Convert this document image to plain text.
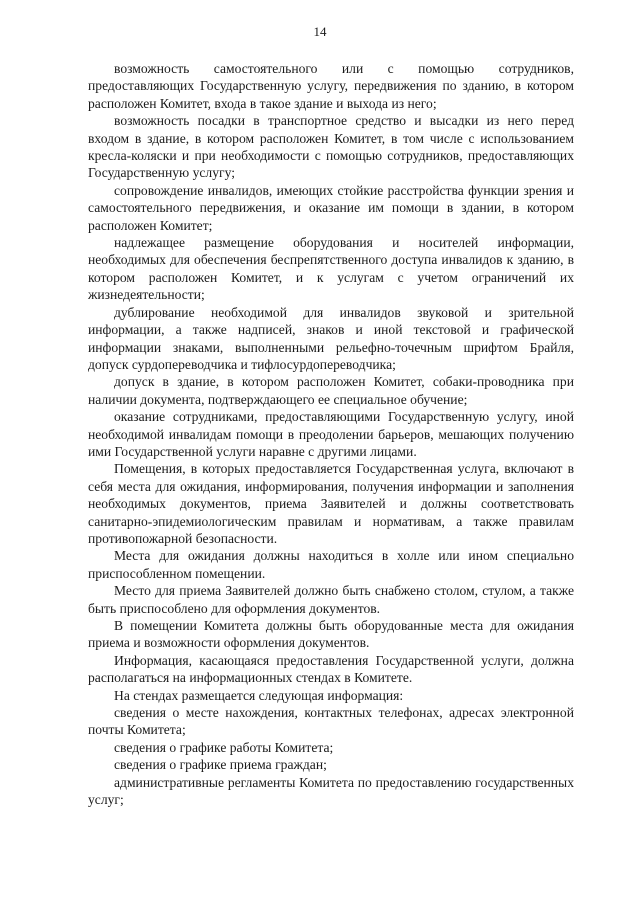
14

возможность самостоятельного или с помощью сотрудников, предоставляющих Государственную услугу, передвижения по зданию, в котором расположен Комитет, входа в такое здание и выхода из него;

возможность посадки в транспортное средство и высадки из него перед входом в здание, в котором расположен Комитет, в том числе с использованием кресла-коляски и при необходимости с помощью сотрудников, предоставляющих Государственную услугу;

сопровождение инвалидов, имеющих стойкие расстройства функции зрения и самостоятельного передвижения, и оказание им помощи в здании, в котором расположен Комитет;

надлежащее размещение оборудования и носителей информации, необходимых для обеспечения беспрепятственного доступа инвалидов к зданию, в котором расположен Комитет, и к услугам с учетом ограничений их жизнедеятельности;

дублирование необходимой для инвалидов звуковой и зрительной информации, а также надписей, знаков и иной текстовой и графической информации знаками, выполненными рельефно-точечным шрифтом Брайля, допуск сурдопереводчика и тифлосурдопереводчика;

допуск в здание, в котором расположен Комитет, собаки-проводника при наличии документа, подтверждающего ее специальное обучение;

оказание сотрудниками, предоставляющими Государственную услугу, иной необходимой инвалидам помощи в преодолении барьеров, мешающих получению ими Государственной услуги наравне с другими лицами.

Помещения, в которых предоставляется Государственная услуга, включают в себя места для ожидания, информирования, получения информации и заполнения необходимых документов, приема Заявителей и должны соответствовать санитарно-эпидемиологическим правилам и нормативам, а также правилам противопожарной безопасности.

Места для ожидания должны находиться в холле или ином специально приспособленном помещении.

Место для приема Заявителей должно быть снабжено столом, стулом, а также быть приспособлено для оформления документов.

В помещении Комитета должны быть оборудованные места для ожидания приема и возможности оформления документов.

Информация, касающаяся предоставления Государственной услуги, должна располагаться на информационных стендах в Комитете.

На стендах размещается следующая информация:

сведения о месте нахождения, контактных телефонах, адресах электронной почты Комитета;

сведения о графике работы Комитета;

сведения о графике приема граждан;

административные регламенты Комитета по предоставлению государственных услуг;
